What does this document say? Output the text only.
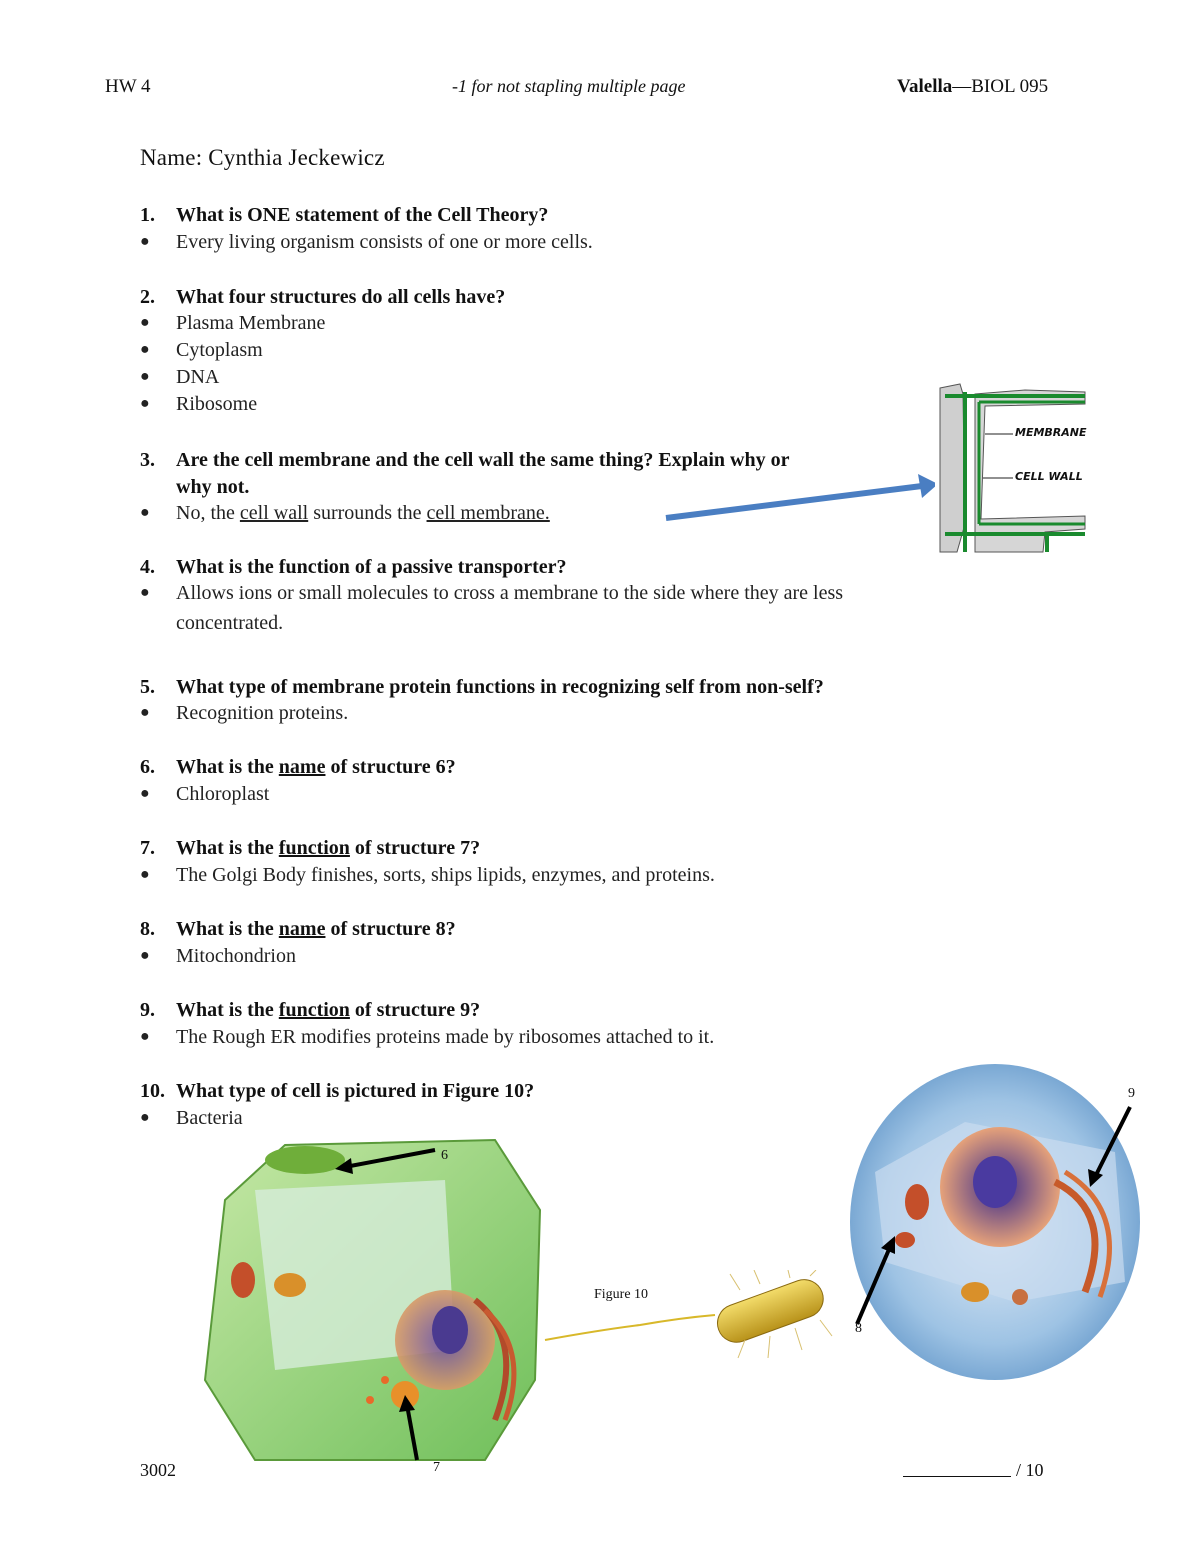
HW 4	-1 for not stapling multiple page	Valella—BIOL 095
Name: Cynthia Jeckewicz
1. What is ONE statement of the Cell Theory?
● Every living organism consists of one or more cells.
2. What four structures do all cells have?
● Plasma Membrane
● Cytoplasm
● DNA
● Ribosome
3. Are the cell membrane and the cell wall the same thing? Explain why or
why not.
● No, the cell wall surrounds the cell membrane.
4. What is the function of a passive transporter?
● Allows ions or small molecules to cross a membrane to the side where they are less
concentrated.
5. What type of membrane protein functions in recognizing self from non-self?
● Recognition proteins.
6. What is the name of structure 6?
● Chloroplast
7. What is the function of structure 7?
● The Golgi Body finishes, sorts, ships lipids, enzymes, and proteins.
8. What is the name of structure 8?
● Mitochondrion
9. What is the function of structure 9?
● The Rough ER modifies proteins made by ribosomes attached to it.
10. What type of cell is pictured in Figure 10?
● Bacteria
MEMBRANE
CELL WALL
6
7
Figure 10
9
8
3002	/ 10
